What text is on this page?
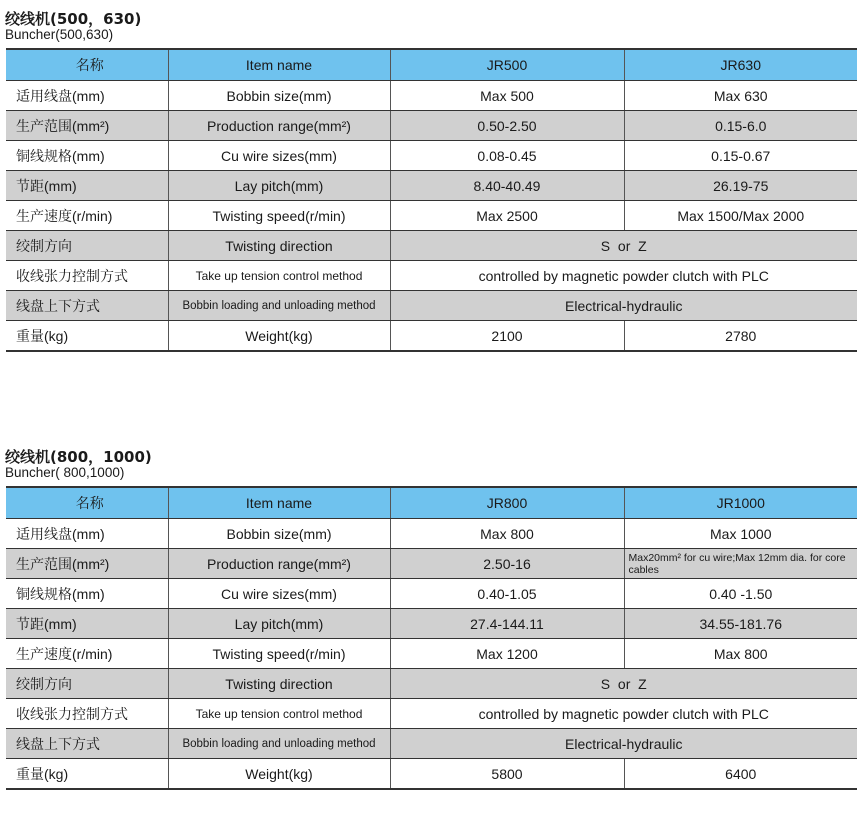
绞线机(500，630)
Buncher(500,630)
名称	Item name	JR500	JR630
适用线盘(mm)	Bobbin size(mm)	Max 500	Max 630
生产范围(mm²)	Production range(mm²)	0.50-2.50	0.15-6.0
铜线规格(mm)	Cu wire sizes(mm)	0.08-0.45	0.15-0.67
节距(mm)	Lay pitch(mm)	8.40-40.49	26.19-75
生产速度(r/min)	Twisting speed(r/min)	Max 2500	Max 1500/Max 2000
绞制方向	Twisting direction	S  or  Z	
收线张力控制方式	Take up tension control method	controlled by magnetic powder clutch with PLC	
线盘上下方式	Bobbin loading and unloading method	Electrical-hydraulic	
重量(kg)	Weight(kg)	2100	2780
绞线机(800，1000)
Buncher( 800,1000)
名称	Item name	JR800	JR1000
适用线盘(mm)	Bobbin size(mm)	Max 800	Max 1000
生产范围(mm²)	Production range(mm²)	2.50-16	Max20mm² for cu wire;Max 12mm dia. for core cables
铜线规格(mm)	Cu wire sizes(mm)	0.40-1.05	0.40 -1.50
节距(mm)	Lay pitch(mm)	27.4-144.11	34.55-181.76
生产速度(r/min)	Twisting speed(r/min)	Max 1200	Max 800
绞制方向	Twisting direction	S  or  Z	
收线张力控制方式	Take up tension control method	controlled by magnetic powder clutch with PLC	
线盘上下方式	Bobbin loading and unloading method	Electrical-hydraulic	
重量(kg)	Weight(kg)	5800	6400
